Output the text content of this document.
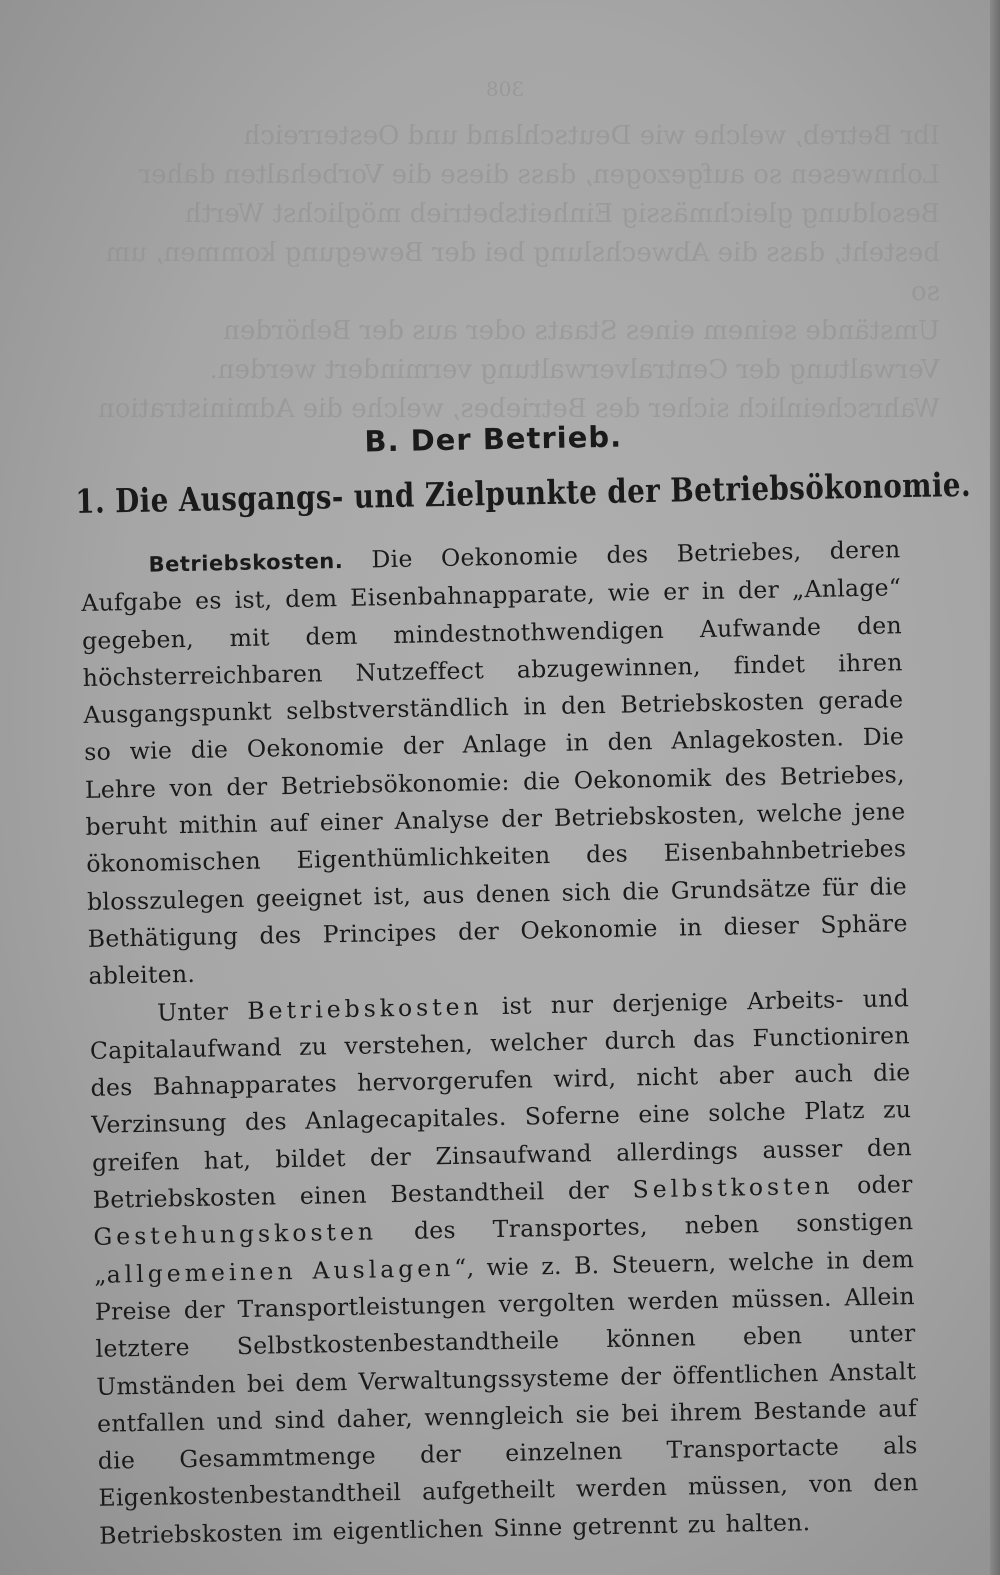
308
Ibr Betreb, welche wie Deutschland und Oesterreich
Lohnwesen so aufgezogen, dass diese die Vorbehalten daher
Besoldung gleichmässig Einheitsbetrieb möglichst Werth
besteht, dass die Abwechslung bei der Bewegung kommen, um so
Umstände seinem eines Staats oder aus der Behörden
Verwaltung der Centralverwaltung vermindert werden.
Wahrscheinlich sicher des Betriebes, welche die Administration
B. Der Betrieb.
1. Die Ausgangs- und Zielpunkte der Betriebsökonomie.

Betriebskosten. Die Oekonomie des Betriebes, deren Aufgabe es ist, dem Eisenbahnapparate, wie er in der „Anlage“ gegeben, mit dem mindestnothwendigen Aufwande den höchsterreichbaren Nutzeffect abzugewinnen, findet ihren Ausgangspunkt selbstverständlich in den Betriebskosten gerade so wie die Oekonomie der Anlage in den Anlagekosten. Die Lehre von der Betriebsökonomie: die Oekonomik des Betriebes, beruht mithin auf einer Analyse der Betriebskosten, welche jene ökonomischen Eigenthümlichkeiten des Eisenbahnbetriebes blosszulegen geeignet ist, aus denen sich die Grundsätze für die Bethätigung des Principes der Oekonomie in dieser Sphäre ableiten.

Unter Betriebskosten ist nur derjenige Arbeits- und Capitalaufwand zu verstehen, welcher durch das Functioniren des Bahnapparates hervorgerufen wird, nicht aber auch die Verzinsung des Anlagecapitales. Soferne eine solche Platz zu greifen hat, bildet der Zinsaufwand allerdings ausser den Betriebskosten einen Bestandtheil der Selbstkosten oder Gestehungskosten des Transportes, neben sonstigen „allgemeinen Auslagen“, wie z. B. Steuern, welche in dem Preise der Transportleistungen vergolten werden müssen. Allein letztere Selbstkostenbestandtheile können eben unter Umständen bei dem Verwaltungssysteme der öffentlichen Anstalt entfallen und sind daher, wenngleich sie bei ihrem Bestande auf die Gesammtmenge der einzelnen Transportacte als Eigenkostenbestandtheil aufgetheilt werden müssen, von den Betriebskosten im eigentlichen Sinne getrennt zu halten.
